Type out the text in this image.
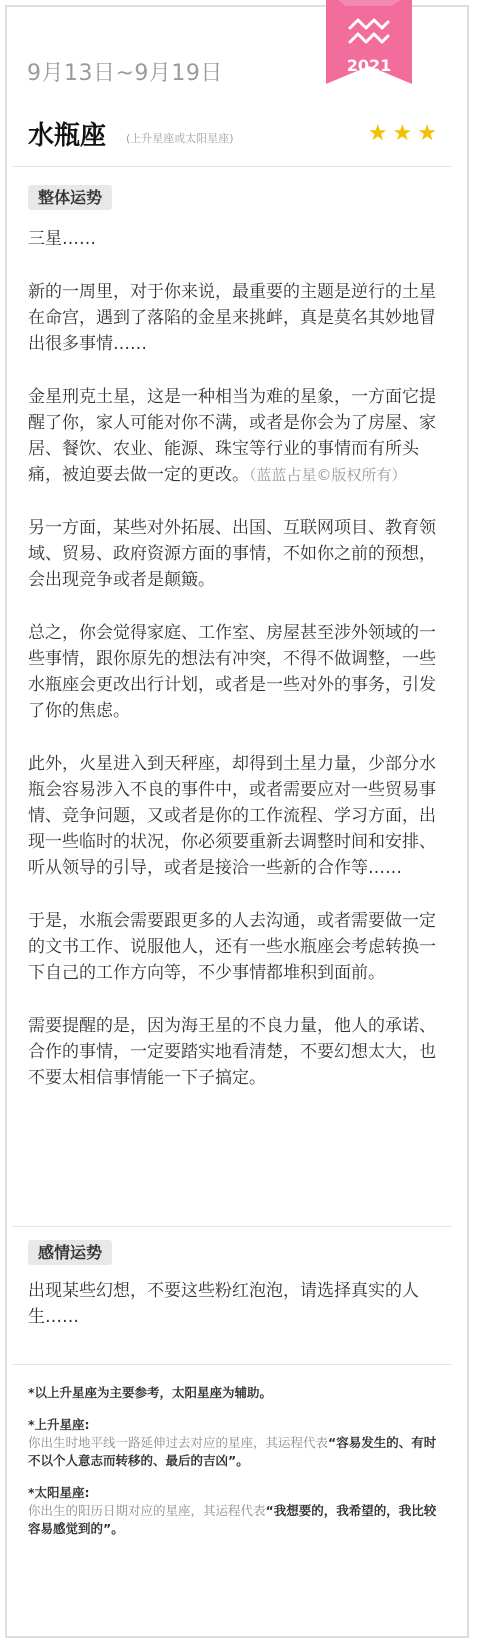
9月13日~9月19日	2021
水瓶座 (上升星座或太阳星座)	★★★
整体运势

三星……

新的一周里，对于你来说，最重要的主题是逆行的土星在命宫，遇到了落陷的金星来挑衅，真是莫名其妙地冒出很多事情……

金星刑克土星，这是一种相当为难的星象，一方面它提醒了你，家人可能对你不满，或者是你会为了房屋、家居、餐饮、农业、能源、珠宝等行业的事情而有所头痛，被迫要去做一定的更改。（蓝蓝占星©版权所有）

另一方面，某些对外拓展、出国、互联网项目、教育领域、贸易、政府资源方面的事情，不如你之前的预想，会出现竞争或者是颠簸。

总之，你会觉得家庭、工作室、房屋甚至涉外领域的一些事情，跟你原先的想法有冲突，不得不做调整，一些水瓶座会更改出行计划，或者是一些对外的事务，引发了你的焦虑。

此外，火星进入到天秤座，却得到土星力量，少部分水瓶会容易涉入不良的事件中，或者需要应对一些贸易事情、竞争问题，又或者是你的工作流程、学习方面，出现一些临时的状况，你必须要重新去调整时间和安排、听从领导的引导，或者是接洽一些新的合作等……

于是，水瓶会需要跟更多的人去沟通，或者需要做一定的文书工作、说服他人，还有一些水瓶座会考虑转换一下自己的工作方向等，不少事情都堆积到面前。

需要提醒的是，因为海王星的不良力量，他人的承诺、合作的事情，一定要踏实地看清楚，不要幻想太大，也不要太相信事情能一下子搞定。

感情运势

出现某些幻想，不要这些粉红泡泡，请选择真实的人生……

*以上升星座为主要参考，太阳星座为辅助。
*上升星座:
你出生时地平线一路延伸过去对应的星座，其运程代表“容易发生的、有时不以个人意志而转移的、最后的吉凶”。
*太阳星座:
你出生的阳历日期对应的星座，其运程代表“我想要的，我希望的，我比较容易感觉到的”。
